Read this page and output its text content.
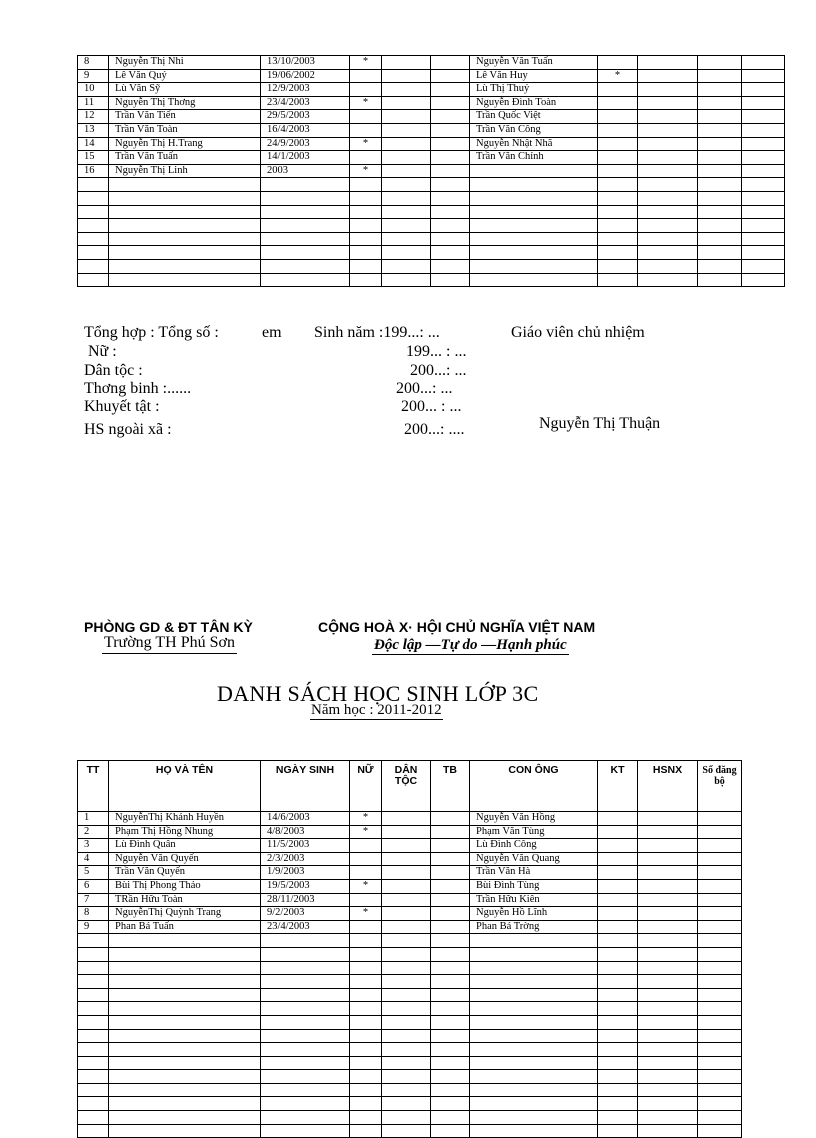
8	Nguyễn Thị Nhi	13/10/2003	*			Nguyễn Văn Tuấn				
9	Lê Văn Quý	19/06/2002				Lê Văn Huy	*			
10	Lù Văn Sỹ	12/9/2003				Lù Thị Thuỷ				
11	Nguyễn Thị Thơng	23/4/2003	*			Nguyễn Đình Toàn				
12	Trần Văn Tiến	29/5/2003				Trần Quốc Việt				
13	Trần Văn Toàn	16/4/2003				Trần Văn Công				
14	Nguyễn Thị H.Trang	24/9/2003	*			Nguyễn Nhật Nhã				
15	Trần Văn Tuấn	14/1/2003				Trần Văn Chỉnh				
16	Nguyễn Thị Linh	2003	*							

Tổng hợp : Tổng số :	em Sinh năm :199...: ...	Giáo viên chủ nhiệm
Nữ :	199... : ...
Dân tộc :	200...: ...
Thơng binh :......	200...: ...
Khuyết tật :	200... : ...
HS ngoài xã :	200...: ....	Nguyễn Thị Thuận
PHÒNG GD & ĐT TÂN KỲ
Trường TH Phú Sơn
CỘNG HOÀ X· HỘI CHỦ NGHĨA VIỆT NAM
Độc lập —Tự do —Hạnh phúc
DANH SÁCH HỌC SINH LỚP 3C
Năm học : 2011-2012
TT	HỌ VÀ TÊN	NGÀY SINH	NỮ	DÂN TỘC	TB	CON ÔNG	KT	HSNX	Sổ đăng bộ
1	NguyễnThị Khánh Huyền	14/6/2003	*			Nguyễn Văn Hồng			
2	Phạm Thị Hồng Nhung	4/8/2003	*			Phạm Văn Tùng			
3	Lù Đình Quân	11/5/2003				Lù Đình Công			
4	Nguyễn Văn Quyến	2/3/2003				Nguyễn Văn Quang			
5	Trần Văn Quyến	1/9/2003				Trần Văn Hà			
6	Bùi Thị Phong Thảo	19/5/2003	*			Bùi Đình Tùng			
7	TRần Hữu Toàn	28/11/2003				Trần Hữu Kiên			
8	NguyễnThị Quỳnh Trang	9/2/2003	*			Nguyễn Hồ Lĩnh			
9	Phan Bá Tuấn	23/4/2003				Phan Bá Trờng			
